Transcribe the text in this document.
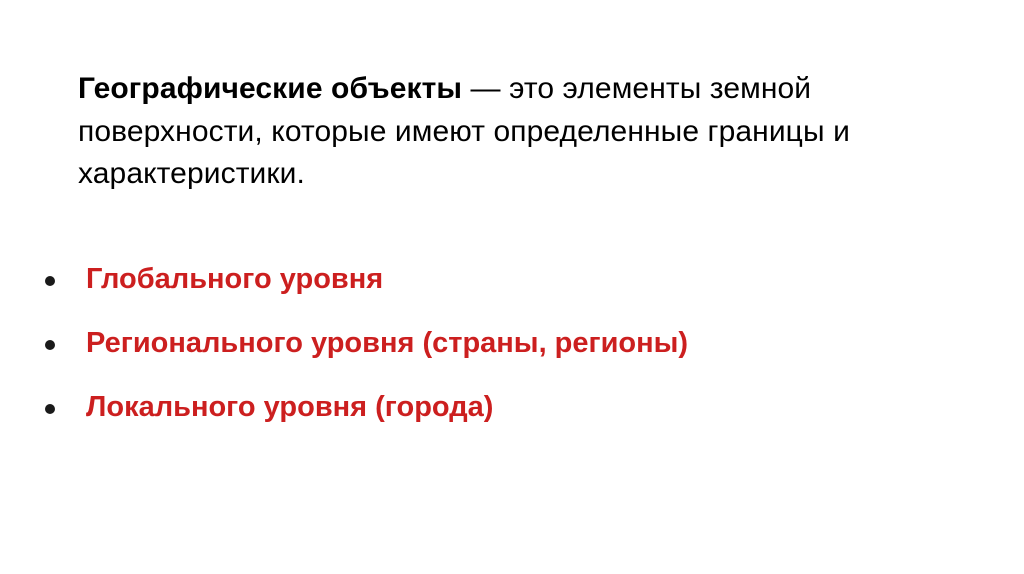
Географические объекты — это элементы земной поверхности, которые имеют определенные границы и характеристики.

Глобального уровня
Регионального уровня (страны, регионы)
Локального уровня (города)
